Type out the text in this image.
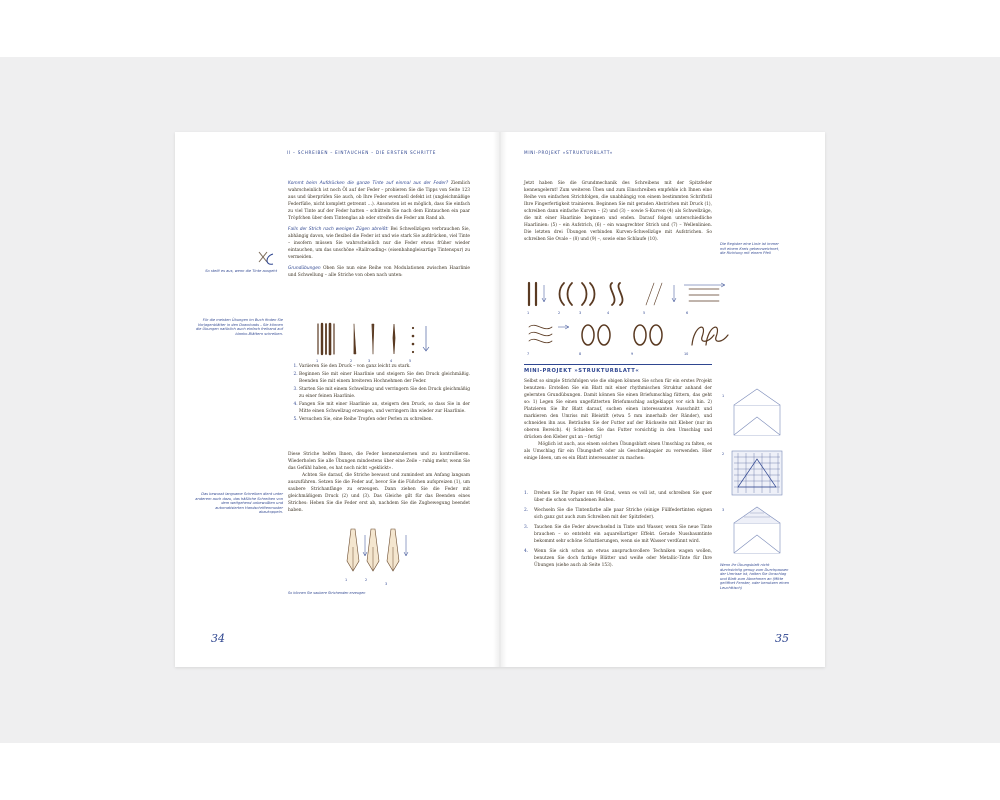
II – SCHREIBEN – EINTAUCHEN – DIE ERSTEN SCHRITTE
So stellt es aus, wenn die Tinte ausgeht
Für die meisten Übungen im Buch finden Sie Vorlagenblätter in den Downloads – Sie können die Übungen natürlich auch einfach freihand auf blanko-Blättern schreiben.
Das bewusst langsame Schreiben dient unter anderem auch dazu, das häßliche Schreiben von dem weitgehend unbewußten und automatisierten Handschriftenmuster abzukoppeln.

Kommt beim Aufdrücken die ganze Tinte auf einmal aus der Feder? Ziemlich wahrscheinlich ist noch Öl auf der Feder – probieren Sie die Tipps von Seite 123 aus und überprüfen Sie auch, ob Ihre Feder eventuell defekt ist (ungleichmäßige Federfüße, nicht komplett getrennt …). Ansonsten ist es möglich, dass Sie einfach zu viel Tinte auf der Feder hatten – schütteln Sie nach dem Eintauchen ein paar Tröpfchen über dem Tintenglas ab oder streifen die Feder am Rand ab.

Falls der Strich nach wenigen Zügen abreißt: Bei Schwellzügen verbrauchen Sie, abhängig davon, wie flexibel die Feder ist und wie stark Sie aufdrücken, viel Tinte – insofern müssen Sie wahrscheinlich nur die Feder etwas früher wieder eintauchen, um das unschöne »Railroading« (eisenbahngleisartige Tintenspur) zu vermeiden.

Grundübungen Oben Sie nun eine Reihe von Modulationen zwischen Haarlinie und Schwellung – alle Striche von oben nach unten:

1	2	3	4	5
1. Variieren Sie den Druck – von ganz leicht zu stark.
2. Beginnen Sie mit einer Haarlinie und steigern Sie den Druck gleichmäßig. Beenden Sie mit einem breiteren Hochnehmen der Feder.
3. Starten Sie mit einem Schwellzug und verringern Sie den Druck gleichmäßig zu einer feinen Haarlinie.
4. Fangen Sie mit einer Haarlinie an, steigern den Druck, so dass Sie in der Mitte einen Schwellzug erzeugen, und verringern ihn wieder zur Haarlinie.
5. Versuchen Sie, eine Reihe Tropfen oder Perlen zu schreiben.

Diese Striche helfen Ihnen, die Feder kennenzulernen und zu kontrollieren. Wiederholen Sie alle Übungen mindestens über eine Zeile – ruhig mehr, wenn Sie das Gefühl haben, es hat noch nicht »geklickt«.

Achten Sie darauf, die Striche bewusst und zumindest am Anfang langsam auszuführen. Setzen Sie die Feder auf, bevor Sie die Füßchen aufspreizen (1), um saubere Strichanfänge zu erzeugen. Dann ziehen Sie die Feder mit gleichmäßigem Druck (2) und (3). Das Gleiche gilt für das Beenden eines Striches: Heben Sie die Feder erst ab, nachdem Sie die Zugbewegung beendet haben.

1	2
3
So können Sie saubere Strichenden erzeugen
34
MINI-PROJEKT »STRUKTURBLATT«
Jetzt haben Sie die Grundmechanik des Schreibens mit der Spitzfeder kennengelernt! Zum weiteren Üben und zum Einschreiben empfehle ich Ihnen eine Reihe von einfachen Strichfolgen, die unabhängig von einem bestimmten Schriftstil Ihre Fingerfertigkeit trainieren. Beginnen Sie mit geraden Abstrichen mit Druck (1), schreiben dann einfache Kurven – (2) und (3) – sowie S-Kurven (4) als Schwellzüge, die mit einer Haarlinie beginnen und enden. Darauf folgen unterschiedliche Haarlinien: (5) – ein Aufstrich, (6) – ein waagrechter Strich und (7) – Wellenlinien. Die letzten drei Übungen verbinden Kurven-Schwellzüge mit Aufstrichen. So schreiben Sie Ovale – (8) und (9) –, sowie eine Schlaufe (10).
Die Register eine Linie ist immer mit einem Kreis gekennzeichnet, die Richtung mit einem Pfeil
1	2	3	4	5	6
7	8	9	10
MINI-PROJEKT »STRUKTURBLATT«

Selbst so simple Strichfolgen wie die obigen können Sie schon für ein erstes Projekt benutzen: Erstellen Sie ein Blatt mit einer rhythmischen Struktur anhand der gelernten Grundübungen. Damit können Sie einen Briefumschlag füttern, das geht so: 1) Legen Sie einen ungefütterten Briefumschlag aufgeklappt vor sich hin. 2) Platzieren Sie Ihr Blatt darauf, suchen einen interessanten Ausschnitt und markieren den Umriss mit Bleistift (etwa 5 mm innerhalb der Ränder), und schneiden ihn aus. Beträufen Sie der Futter auf der Rückseite mit Kleber (nur im oberen Bereich). 4) Schieben Sie das Futter vorsichtig in den Umschlag und drücken den Kleber gut an – fertig!

Möglich ist auch, aus einem solchen Übungsblatt einen Umschlag zu falten, es als Umschlag für ein Übungsheft oder als Geschenkpapier zu verwenden. Hier einige Ideen, um es ein Blatt interessanter zu machen:

1.	Drehen Sie Ihr Papier um 90 Grad, wenn es voll ist, und schreiben Sie quer über die schon vorhandenen Reihen.
2.	Wechseln Sie die Tintenfarbe alle paar Striche (einige Füllfedertinten eignen sich ganz gut auch zum Schreiben mit der Spitzfeder).
3.	Tauchen Sie die Feder abwechselnd in Tinte und Wasser, wenn Sie neue Tinte brauchen – so entsteht ein aquarellartiger Effekt. Gerade Nussbaumtinte bekommt sehr schöne Schattierungen, wenn sie mit Wasser verdünnt wird.
4.	Wenn Sie sich schon an etwas anspruchsvollere Techniken wagen wollen, benutzen Sie doch farbige Blätter und weiße oder Metallic-Tinte für Ihre Übungen (siehe auch ab Seite 153).
1
2
3
Wenn Ihr Übungsblatt nicht durchsichtig genug zum Durchpausen der Umrisse ist, halten Sie Umschlag und Blatt zum Abnehmen an (Mitte geöffnet Fenster, oder benutzen einen Leuchttisch)
35
